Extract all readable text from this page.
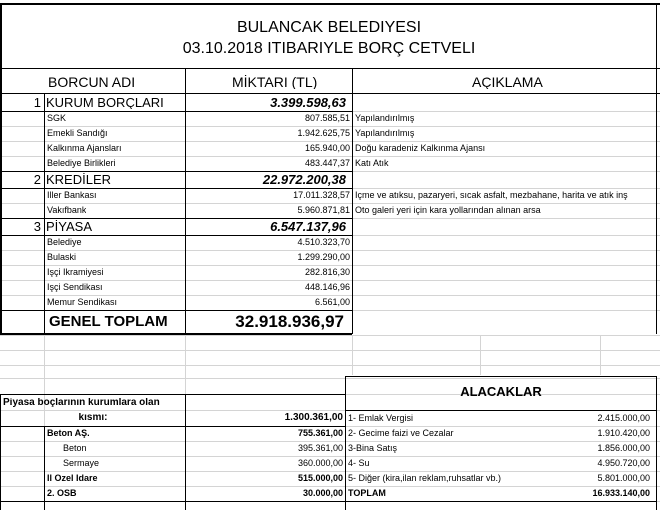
BULANCAK BELEDİYESİ
03.10.2018 İTİBARİYLE BORÇ CETVELİ
BORCUN ADI	MİKTARI (TL)	AÇIKLAMA
1 KURUM BORÇLARI	3.399.598,63
SGK	807.585,51 Yapılandırılmış
Emekli Sandığı	1.942.625,75 Yapılandırılmış
Kalkınma Ajansları	165.940,00 Doğu karadeniz Kalkınma Ajansı
Belediye Birlikleri	483.447,37 Katı Atık
2 KREDİLER	22.972.200,38
İller Bankası	17.011.328,57 İçme ve atıksu, pazaryeri, sıcak asfalt, mezbahane, harita ve atık inş
Vakıfbank	5.960.871,81 Oto galeri yeri için kara yollarından alınan arsa
3 PİYASA	6.547.137,96
Belediye	4.510.323,70
Bulaski	1.299.290,00
İşçi İkramiyesi	282.816,30
İşçi Sendikası	448.146,96
Memur Sendikası	6.561,00
GENEL TOPLAM	32.918.936,97
Piyasa boçlarının kurumlara olan
kısmı:	1.300.361,00
Beton AŞ.	755.361,00
Beton	395.361,00
Sermaye	360.000,00
İl Özel İdare	515.000,00
2. OSB	30.000,00
ALACAKLAR
1- Emlak Vergisi	2.415.000,00
2- Gecime faizi ve Cezalar	1.910.420,00
3-Bina Satış	1.856.000,00
4- Su	4.950.720,00
5- Diğer (kira,ilan reklam,ruhsatlar vb.)	5.801.000,00
TOPLAM	16.933.140,00
